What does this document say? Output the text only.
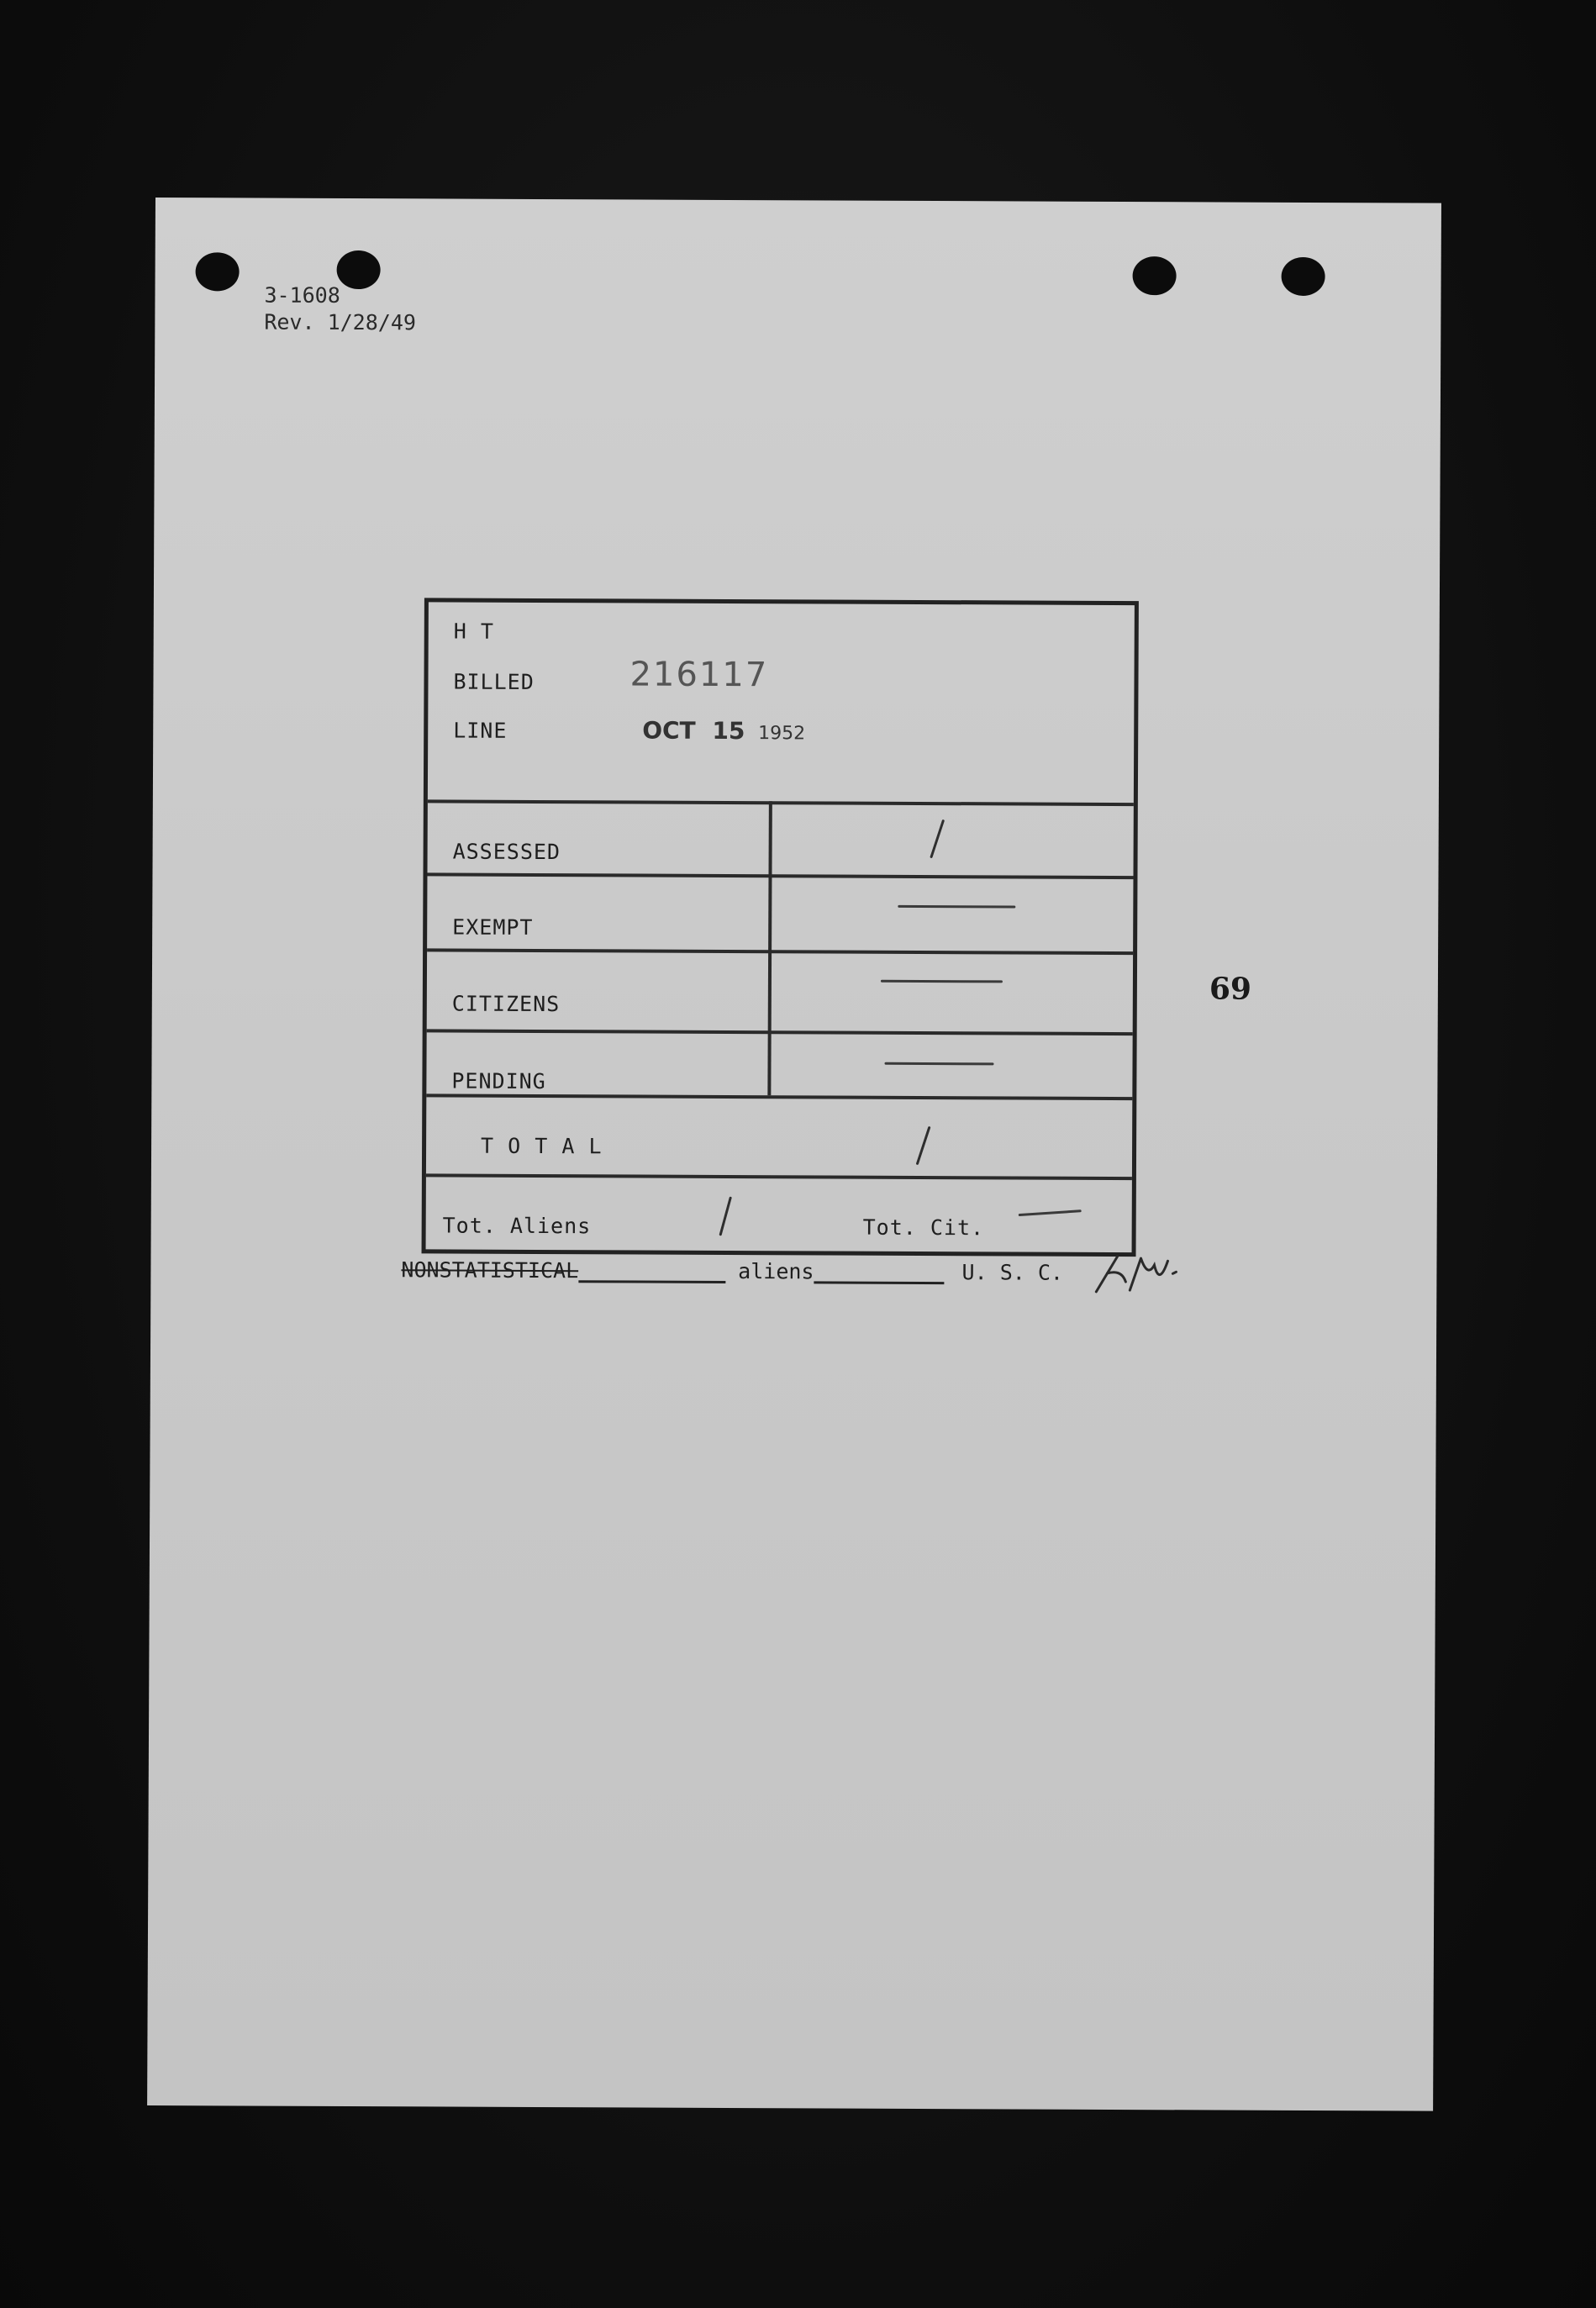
3-1608
Rev. 1/28/49
H T
BILLED	216117
LINE	OCT 15 1952
ASSESSED
EXEMPT
CITIZENS
PENDING
T O T A L
Tot. Aliens	Tot. Cit.
69
NONSTATISTICAL	aliens	U. S. C.
